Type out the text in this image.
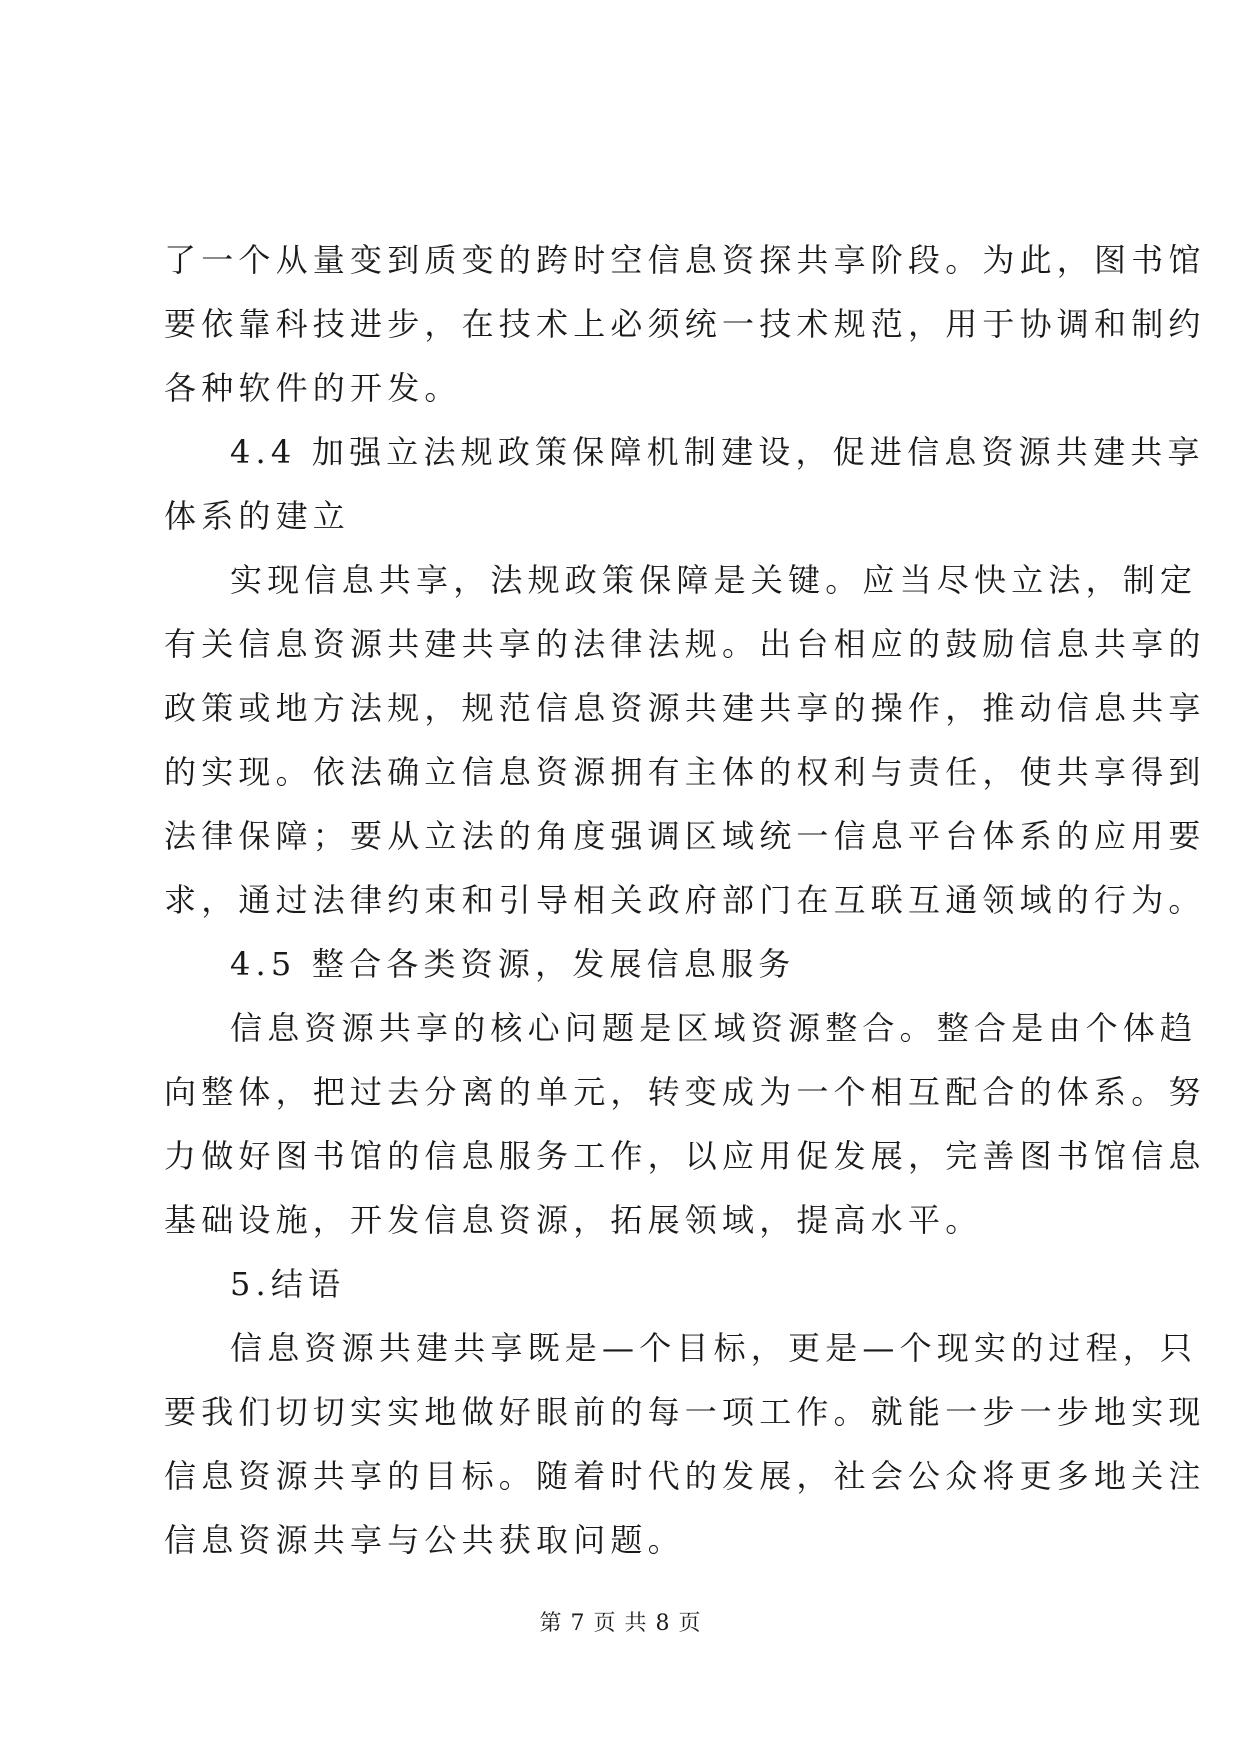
了一个从量变到质变的跨时空信息资探共享阶段。为此，图书馆
要依靠科技进步，在技术上必须统一技术规范，用于协调和制约
各种软件的开发。
4.4 加强立法规政策保障机制建设，促进信息资源共建共享
体系的建立
实现信息共享，法规政策保障是关键。应当尽快立法，制定
有关信息资源共建共享的法律法规。出台相应的鼓励信息共享的
政策或地方法规，规范信息资源共建共享的操作，推动信息共享
的实现。依法确立信息资源拥有主体的权利与责任，使共享得到
法律保障；要从立法的角度强调区域统一信息平台体系的应用要
求，通过法律约束和引导相关政府部门在互联互通领域的行为。
4.5 整合各类资源，发展信息服务
信息资源共享的核心问题是区域资源整合。整合是由个体趋
向整体，把过去分离的单元，转变成为一个相互配合的体系。努
力做好图书馆的信息服务工作，以应用促发展，完善图书馆信息
基础设施，开发信息资源，拓展领域，提高水平。
5.结语
信息资源共建共享既是—个目标，更是—个现实的过程，只
要我们切切实实地做好眼前的每一项工作。就能一步一步地实现
信息资源共享的目标。随着时代的发展，社会公众将更多地关注
信息资源共享与公共获取问题。
第 7 页 共 8 页
